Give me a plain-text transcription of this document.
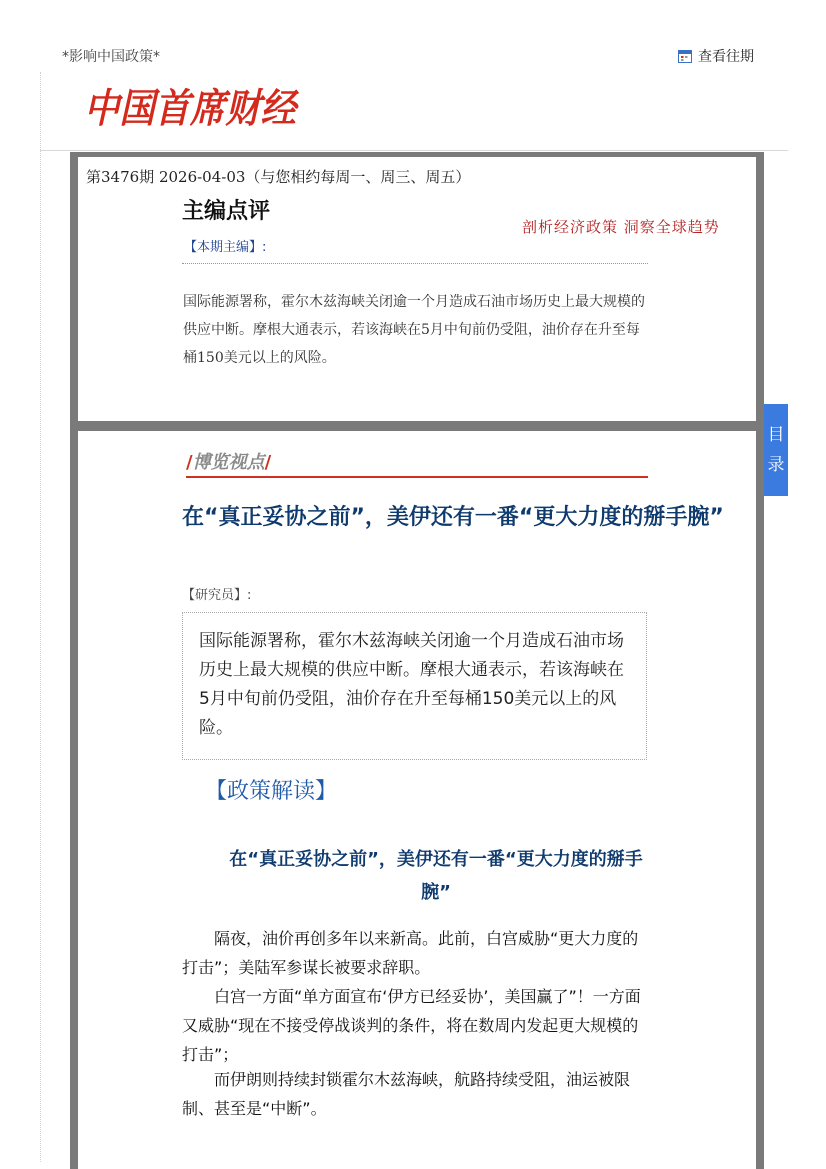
*影响中国政策*	查看往期
中国首席财经
第3476期 2026-04-03（与您相约每周一、周三、周五）
剖析经济政策 洞察全球趋势
主编点评
【本期主编】:
国际能源署称，霍尔木兹海峡关闭逾一个月造成石油市场历史上最大规模的供应中断。摩根大通表示，若该海峡在5月中旬前仍受阻，油价存在升至每桶150美元以上的风险。
目录
/博览视点/
在“真正妥协之前”，美伊还有一番“更大力度的掰手腕”
【研究员】:
国际能源署称，霍尔木兹海峡关闭逾一个月造成石油市场历史上最大规模的供应中断。摩根大通表示，若该海峡在5月中旬前仍受阻，油价存在升至每桶150美元以上的风险。
【政策解读】
在“真正妥协之前”，美伊还有一番“更大力度的掰手腕”

隔夜，油价再创多年以来新高。此前，白宫威胁“更大力度的打击”；美陆军参谋长被要求辞职。

白宫一方面“单方面宣布‘伊方已经妥协’，美国赢了”！一方面又威胁“现在不接受停战谈判的条件，将在数周内发起更大规模的打击”；

而伊朗则持续封锁霍尔木兹海峡，航路持续受阻，油运被限制、甚至是“中断”。
